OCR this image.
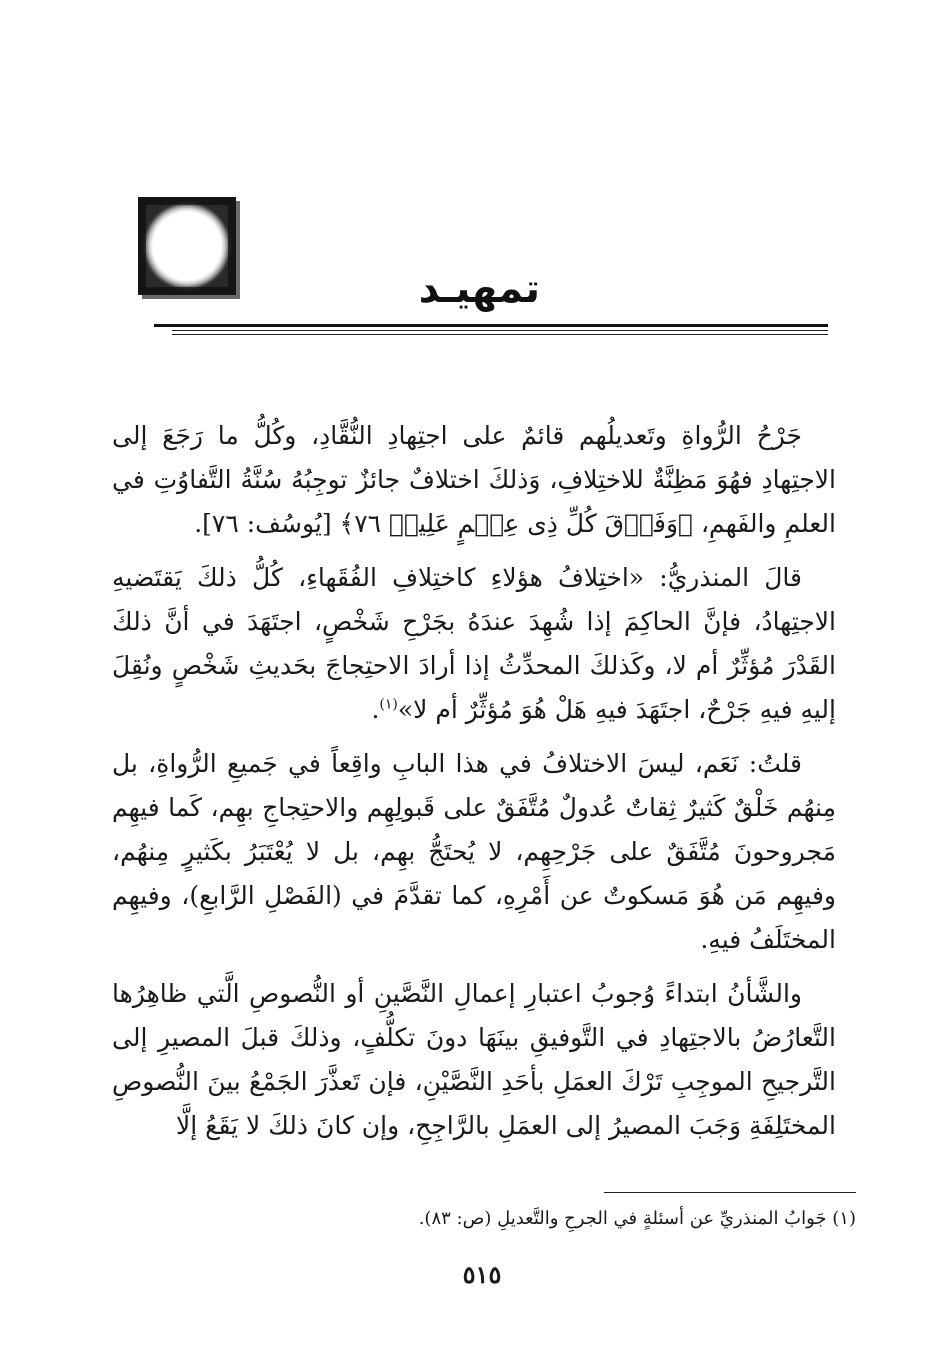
تمهيـد

جَرْحُ الرُّواةِ وتَعديلُهم قائمٌ على اجتِهادِ النُّقَّادِ، وكُلُّ ما رَجَعَ إلى الاجتِهادِ فهُوَ مَظِنَّةٌ للاختِلافِ، وَذلكَ اختلافٌ جائزٌ توجِبُهُ سُنَّةُ التَّفاوُتِ في العلمِ والفَهمِ، ﴿وَفَوۡقَ كُلِّ ذِى عِلۡمٍ عَلِيمٞ ٧٦﴾ [يُوسُف: ٧٦].

قالَ المنذريُّ: «اختِلافُ هؤلاءِ كاختِلافِ الفُقَهاءِ، كُلُّ ذلكَ يَقتَضيهِ الاجتِهادُ، فإنَّ الحاكِمَ إذا شُهِدَ عندَهُ بجَرْحِ شَخْصٍ، اجتَهَدَ في أنَّ ذلكَ القَدْرَ مُؤثِّرٌ أم لا، وكَذلكَ المحدِّثُ إذا أرادَ الاحتِجاجَ بحَديثِ شَخْصٍ ونُقِلَ إليهِ فيهِ جَرْحٌ، اجتَهَدَ فيهِ هَلْ هُوَ مُؤثِّرٌ أم لا»$^{(١)}$.

قلتُ: نَعَم، ليسَ الاختلافُ في هذا البابِ واقِعاً في جَميعِ الرُّواةِ، بل مِنهُم خَلْقٌ كَثيرٌ ثِقاتٌ عُدولٌ مُتَّفَقٌ على قَبولِهِم والاحتِجاجِ بهِم، كَما فيهِم مَجروحونَ مُتَّفَقٌ على جَرْحِهِم، لا يُحتَجُّ بهِم، بل لا يُعْتَبَرُ بكَثيرٍ مِنهُم، وفيهِم مَن هُوَ مَسكوتٌ عن أَمْرِهِ، كما تقدَّمَ في (الفَصْلِ الرَّابعِ)، وفيهِم المختَلَفُ فيهِ.

والشَّأنُ ابتداءً وُجوبُ اعتبارِ إعمالِ النَّصَّينِ أو النُّصوصِ الَّتي ظاهِرُها التَّعارُضُ بالاجتِهادِ في التَّوفيقِ بينَهَا دونَ تكلُّفٍ، وذلكَ قبلَ المصيرِ إلى التَّرجيحِ الموجِبِ تَرْكَ العمَلِ بأحَدِ النَّصَّيْنِ، فإن تَعذَّرَ الجَمْعُ بينَ النُّصوصِ المختَلِفَةِ وَجَبَ المصيرُ إلى العمَلِ بالرَّاجِحِ، وإن كانَ ذلكَ لا يَقَعُ إلَّا

(١) جَوابُ المنذريِّ عن أسئلةٍ في الجرحِ والتَّعديلِ (ص: ٨٣).
٥١٥
